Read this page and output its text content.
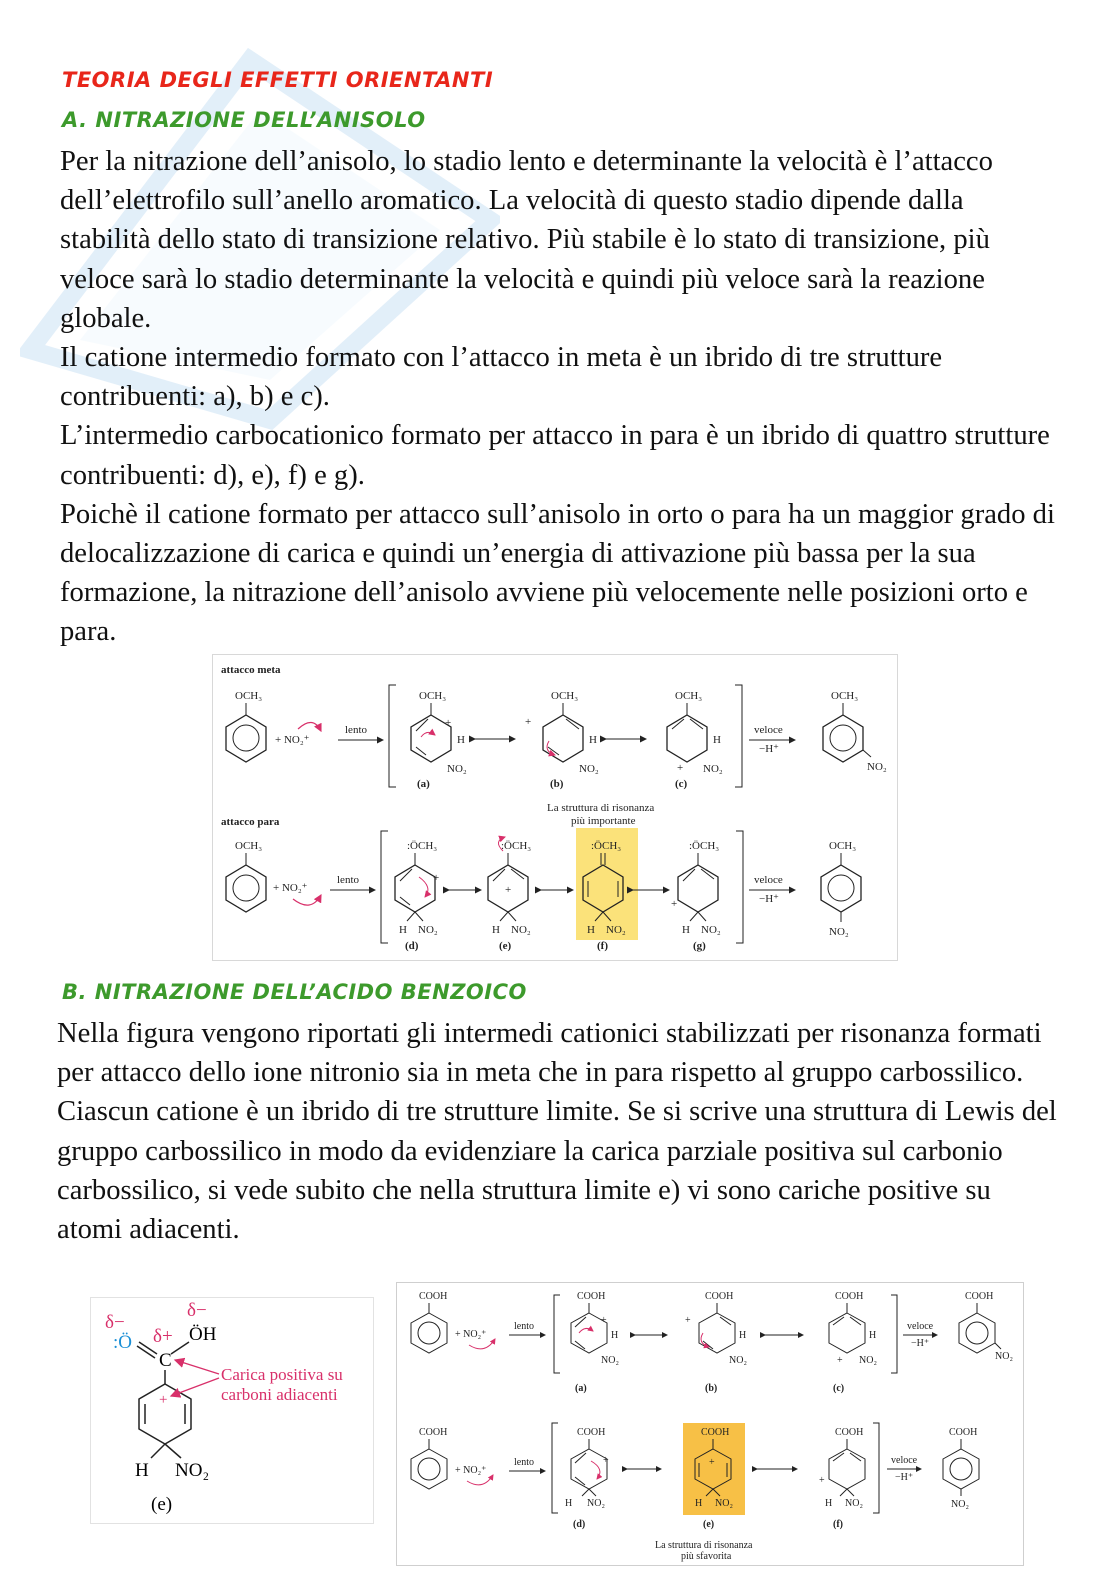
TEORIA DEGLI EFFETTI ORIENTANTI
A. NITRAZIONE DELL’ANISOLO

Per la nitrazione dell’anisolo, lo stadio lento e determinante la velocità è l’attacco dell’elettrofilo sull’anello aromatico. La velocità di questo stadio dipende dalla stabilità dello stato di transizione relativo. Più stabile è lo stato di transizione, più veloce sarà lo stadio determinante la velocità e quindi più veloce sarà la reazione globale.

Il catione intermedio formato con l’attacco in meta è un ibrido di tre strutture contribuenti: a), b) e c).

L’intermedio carbocationico formato per attacco in para è un ibrido di quattro strutture contribuenti: d), e), f) e g).

Poichè il catione formato per attacco sull’anisolo in orto o para ha un maggior grado di delocalizzazione di carica e quindi un’energia di attivazione più bassa per la sua formazione, la nitrazione dell’anisolo avviene più velocemente nelle posizioni orto e para.

attacco meta
attacco para
OCH₃
+ NO₂⁺
lento
OCH₃
+
H
NO₂
(a)
OCH₃
+
H
NO₂
(b)
OCH₃
+
H
NO₂
(c)
veloce
−H⁺
OCH₃
NO₂
La struttura di risonanza
più importante
OCH₃
+ NO₂⁺
lento
:ÖCH₃
+
H NO₂
(d)
:ÖCH₃
+
H NO₂
(e)
:ÖCH₃
H NO₂
(f)
:ÖCH₃
+
H NO₂
(g)
veloce
−H⁺
OCH₃
NO₂
B. NITRAZIONE DELL’ACIDO BENZOICO

Nella figura vengono riportati gli intermedi cationici stabilizzati per risonanza formati per attacco dello ione nitronio sia in meta che in para rispetto al gruppo carbossilico. Ciascun catione è un ibrido di tre strutture limite. Se si scrive una struttura di Lewis del gruppo carbossilico in modo da evidenziare la carica parziale positiva sul carbonio carbossilico, si vede subito che nella struttura limite e) vi sono cariche positive su atomi adiacenti.

δ−
δ−
:Ö δ+ ÖH
C
Carica positiva su
carboni adiacenti
H NO₂
(e)
+
COOH
+ NO₂⁺
lento
COOH
+
H
NO₂
(a)
COOH
+
H
NO₂
(b)
COOH
+
H
NO₂
(c)
veloce
−H⁺
COOH
NO₂
COOH
+ NO₂⁺
lento
COOH
+
H NO₂
(d)
COOH
+
H NO₂
(e)
COOH
+
H NO₂
(f)
veloce
−H⁺
COOH
NO₂
La struttura di risonanza
più sfavorita
